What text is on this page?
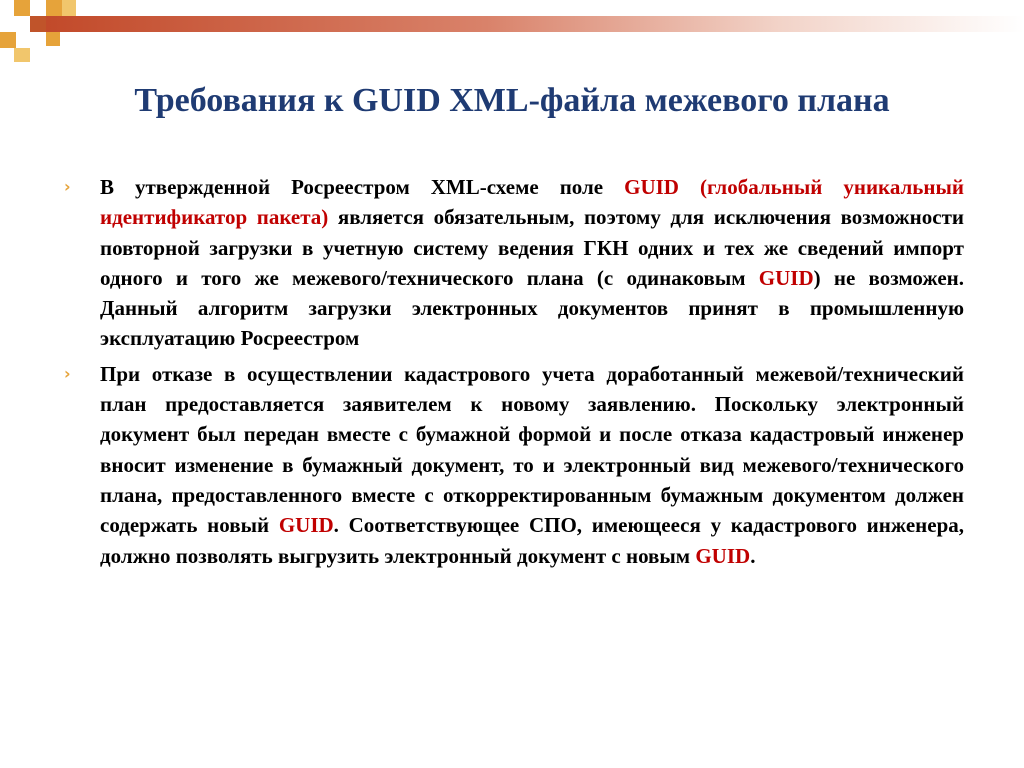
Требования к GUID XML-файла межевого плана

› В утвержденной Росреестром XML-схеме поле GUID (глобальный уникальный идентификатор пакета) является обязательным, поэтому для исключения возможности повторной загрузки в учетную систему ведения ГКН одних и тех же сведений импорт одного и того же межевого/технического плана (с одинаковым GUID) не возможен. Данный алгоритм загрузки электронных документов принят в промышленную эксплуатацию Росреестром

› При отказе в осуществлении кадастрового учета доработанный межевой/технический план предоставляется заявителем к новому заявлению. Поскольку электронный документ был передан вместе с бумажной формой и после отказа кадастровый инженер вносит изменение в бумажный документ, то и электронный вид межевого/технического плана, предоставленного вместе с откорректированным бумажным документом должен содержать новый GUID. Соответствующее СПО, имеющееся у кадастрового инженера, должно позволять выгрузить электронный документ с новым GUID.
